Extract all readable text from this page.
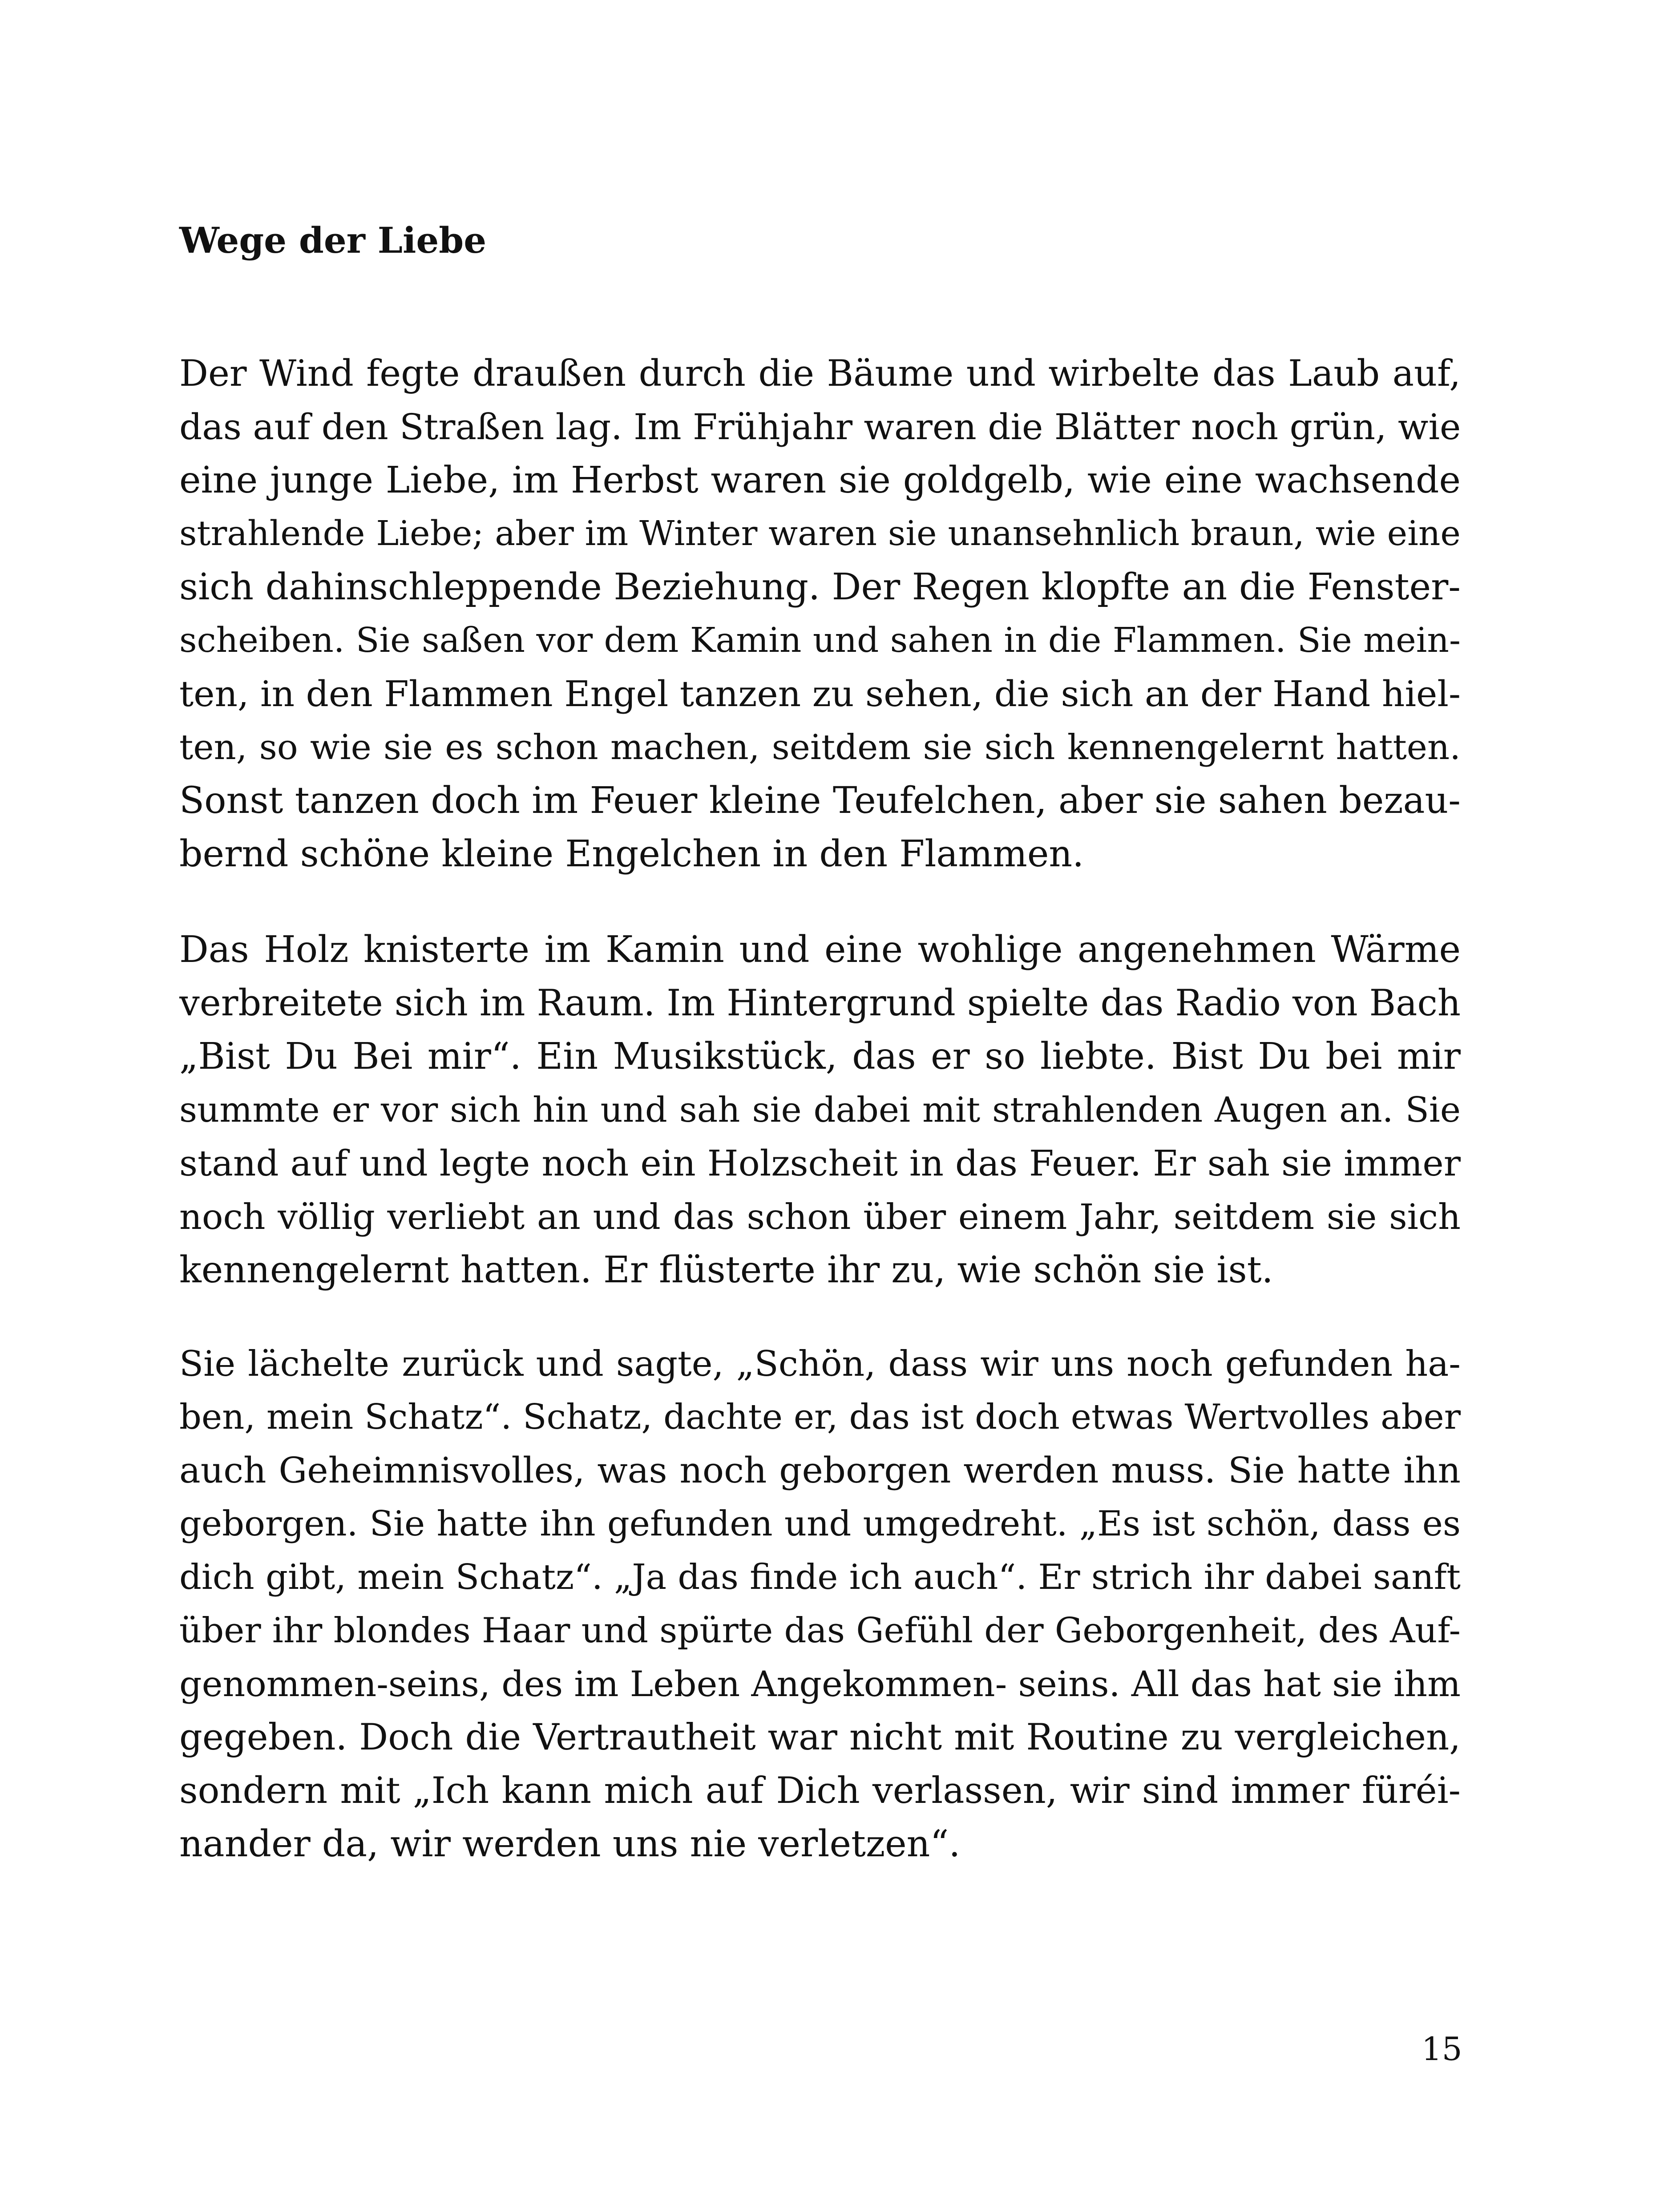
Wege der Liebe

Der Wind fegte draußen durch die Bäume und wirbelte das Laub auf,

das auf den Straßen lag. Im Frühjahr waren die Blätter noch grün, wie

eine junge Liebe, im Herbst waren sie goldgelb, wie eine wachsende

strahlende Liebe; aber im Winter waren sie unansehnlich braun, wie eine

sich dahinschleppende Beziehung. Der Regen klopfte an die Fenster-

scheiben. Sie saßen vor dem Kamin und sahen in die Flammen. Sie mein-

ten, in den Flammen Engel tanzen zu sehen, die sich an der Hand hiel-

ten, so wie sie es schon machen, seitdem sie sich kennengelernt hatten.

Sonst tanzen doch im Feuer kleine Teufelchen, aber sie sahen bezau-

bernd schöne kleine Engelchen in den Flammen.

Das Holz knisterte im Kamin und eine wohlige angenehmen Wärme

verbreitete sich im Raum. Im Hintergrund spielte das Radio von Bach

„Bist Du Bei mir“. Ein Musikstück, das er so liebte. Bist Du bei mir

summte er vor sich hin und sah sie dabei mit strahlenden Augen an. Sie

stand auf und legte noch ein Holzscheit in das Feuer. Er sah sie immer

noch völlig verliebt an und das schon über einem Jahr, seitdem sie sich

kennengelernt hatten. Er flüsterte ihr zu, wie schön sie ist.

Sie lächelte zurück und sagte, „Schön, dass wir uns noch gefunden ha-

ben, mein Schatz“. Schatz, dachte er, das ist doch etwas Wertvolles aber

auch Geheimnisvolles, was noch geborgen werden muss. Sie hatte ihn

geborgen. Sie hatte ihn gefunden und umgedreht. „Es ist schön, dass es

dich gibt, mein Schatz“. „Ja das finde ich auch“. Er strich ihr dabei sanft

über ihr blondes Haar und spürte das Gefühl der Geborgenheit, des Auf-

genommen-seins, des im Leben Angekommen- seins. All das hat sie ihm

gegeben. Doch die Vertrautheit war nicht mit Routine zu vergleichen,

sondern mit „Ich kann mich auf Dich verlassen, wir sind immer füréi-

nander da, wir werden uns nie verletzen“.

15
